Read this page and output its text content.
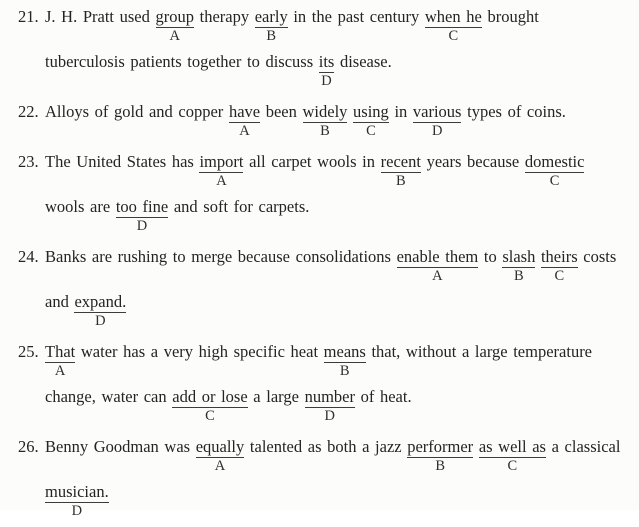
21. J. H. Pratt used group
A
therapy early
B
in the past century when he
C
brought
tuberculosis patients together to discuss its
D
disease.
22. Alloys of gold and copper have
A
been widely
B
using
C
in various
D
types of coins.
23. The United States has import
A
all carpet wools in recent
B
years because domestic
C
wools are too fine
D
and soft for carpets.
24. Banks are rushing to merge because consolidations enable them
A
to slash
B
theirs
C
costs
and expand.
D
25. That
A
water has a very high specific heat means
B
that, without a large temperature
change, water can add or lose
C
a large number
D
of heat.
26. Benny Goodman was equally
A
talented as both a jazz performer
B
as well as
C
a classical
musician.
D
